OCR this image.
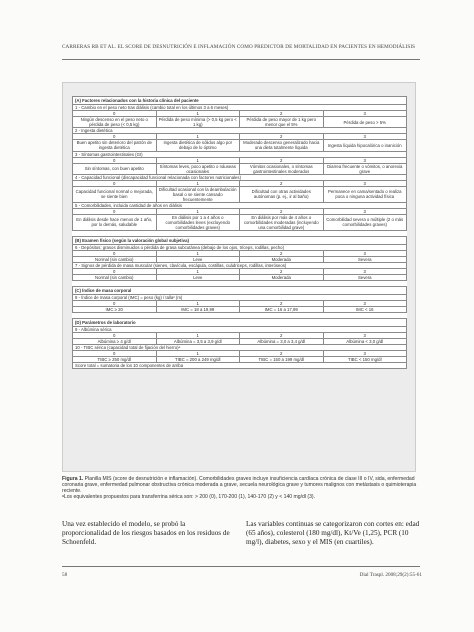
CARRERAS RB ET AL. EL SCORE DE DESNUTRICIÓN E INFLAMACIÓN COMO PREDICTOR DE MORTALIDAD EN PACIENTES EN HEMODIÁLISIS
(A) Factores relacionados con la historia clínica del paciente			
1 - Cambio en el peso neto tras diálisis (cambio total en los últimos 3 a 6 meses)			
0	1	2	3
Ningún descenso en el peso neto o pérdida de peso (< 0,5 kg)	Pérdida de peso mínima (> 0,5 kg pero < 1 kg)	Pérdida de peso mayor de 1 kg pero menor que el 5%	Pérdida de peso > 5%
2 - Ingesta dietética			
0	1	2	3
Buen apetito sin deterioro del patrón de ingesta dietética	Ingesta dietética de sólidos algo por debajo de lo óptimo	Moderado descenso generalizado hacia una dieta totalmente líquida	Ingesta líquida hipocalórica o inanición
3 - Síntomas gastrointestinales (GI)			
0	1	2	3
Sin síntomas, con buen apetito	Síntomas leves, poco apetito o náuseas ocasionales	Vómitos ocasionales, o síntomas gastrointestinales moderados	Diarrea frecuente o vómitos, o anorexia grave
4 - Capacidad funcional (discapacidad funcional relacionada con factores nutricionales)			
0	1	2	3
Capacidad funcional normal o mejorada, se siente bien	Dificultad ocasional con la deambulación basal o se siente cansado frecuentemente	Dificultad con otras actividades autónomas (p. ej., ir al baño)	Permanece en cama/sentado o realiza poca o ninguna actividad física
5 - Comorbilidades, incluida cantidad de años en diálisis			
0	1	2	3
En diálisis desde hace menos de 1 año, por lo demás, saludable	En diálisis por 1 a 4 años o comorbilidades leves (excluyendo comorbilidades graves)	En diálisis por más de 4 años o comorbilidades moderadas (incluyendo una comorbilidad grave)	Comorbilidad severa o múltiple (2 o más comorbilidades graves)

(B) Examen físico (según la valoración global subjetiva)			
6 - Depósitos; grasos disminuidos o pérdida de grasa subcutánea (debajo de los ojos, tríceps, rodillas, pecho)			
0	1	2	3
Normal (sin cambio)	Leve	Moderada	Severa
7 - Signos de pérdida de masa muscular (sienes, clavícula, escápula, costillas, cuádriceps, rodillas, interóseos)			
0	1	2	3
Normal (sin cambio)	Leve	Moderada	Severa

(C) Índice de masa corporal			
8 - Índice de masa corporal (IMC) = peso (kg) / talla² (m)			
0	1	2	3
IMC ≥ 20	IMC = 18 a 19,99	IMC = 16 a 17,99	IMC < 16

(D) Parámetros de laboratorio			
9 - Albúmina sérica			
0	1	2	3
Albúmina ≥ 4 g/dl	Albúmina = 3,5 a 3,9 g/dl	Albúmina = 3,0 a 3,4 g/dl	Albúmina < 3,0 g/dl
10 - TIBC sérica (capacidad total de fijación del hierro)ᵃ			
0	1	2	3
TIBC ≥ 250 mg/dl	TIBC = 200 a 249 mg/dl	TIBC = 150 a 199 mg/dl	TIBC < 150 mg/dl
Score total = sumatoria de los 10 componentes de arriba			
Figura 1. Planilla MIS (score de desnutrición e inflamación). Comorbilidades graves incluye insuficiencia cardíaca crónica de clase III o IV, sida, enfermedad coronaria grave, enfermedad pulmonar obstructiva crónica moderada a grave, secuela neurológica grave y tumores malignos con metástasis o quimioterapia reciente.
ᵃLos equivalentes propuestos para transferrina sérica son: > 200 (0), 170-200 (1), 140-170 (2) y < 140 mg/dl (3).

Una vez establecido el modelo, se probó la proporcionalidad de los riesgos basados en los residuos de Schoenfeld.

Las variables continuas se categorizaron con cortes en: edad (65 años), colesterol (180 mg/dl), Kt/Ve (1,25), PCR (10 mg/l), diabetes, sexo y el MIS (en cuartiles).

58	Dial Traspl. 2008;29(2):55-61
